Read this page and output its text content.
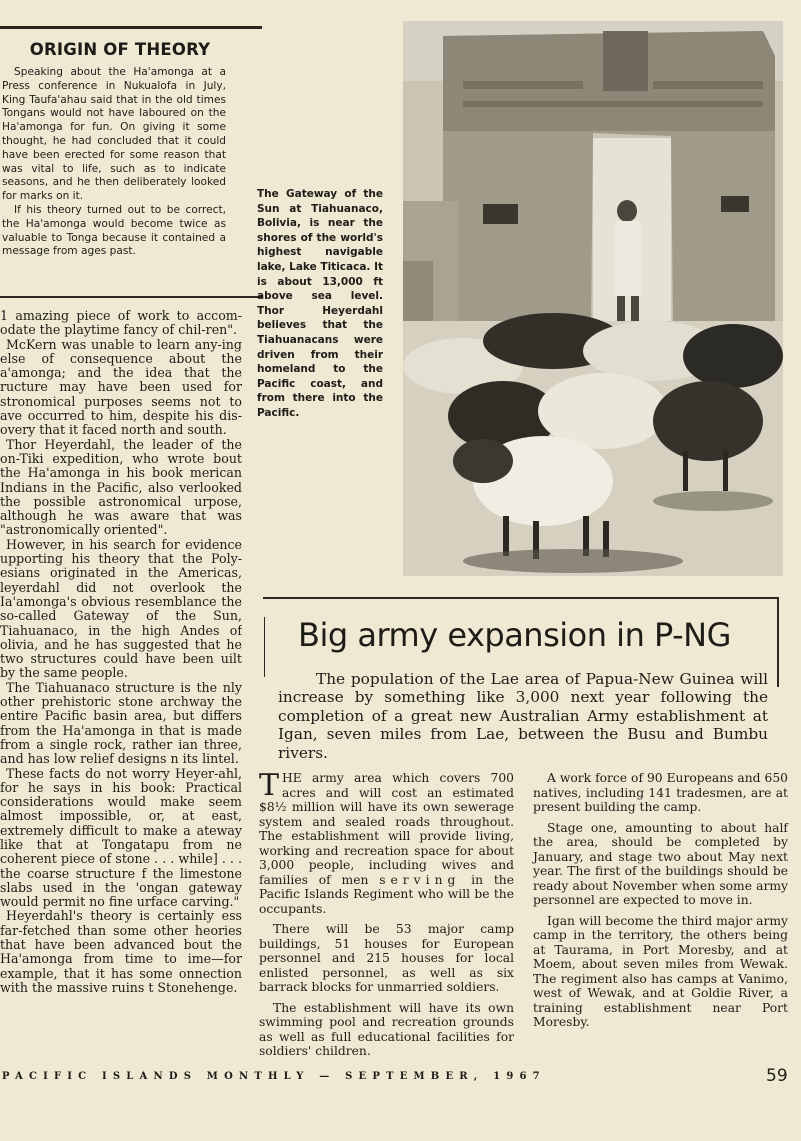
ORIGIN OF THEORY

Speaking about the Ha'amonga at a Press conference in Nukualofa in July, King Taufa'ahau said that in the old times Tongans would not have laboured on the Ha'amonga for fun. On giving it some thought, he had concluded that it could have been erected for some reason that was vital to life, such as to indicate seasons, and he then deliberately looked for marks on it.

If his theory turned out to be correct, the Ha'amonga would become twice as valuable to Tonga because it contained a message from ages past.

1 amazing piece of work to accom-odate the playtime fancy of chil-ren".

McKern was unable to learn any-ing else of consequence about the a'amonga; and the idea that the ructure may have been used for stronomical purposes seems not to ave occurred to him, despite his dis-overy that it faced north and south.

Thor Heyerdahl, the leader of the on-Tiki expedition, who wrote bout the Ha'amonga in his book merican Indians in the Pacific, also verlooked the possible astronomical urpose, although he was aware that was "astronomically oriented".

However, in his search for evidence upporting his theory that the Poly-esians originated in the Americas, leyerdahl did not overlook the Ia'amonga's obvious resemblance the so-called Gateway of the Sun, Tiahuanaco, in the high Andes of olivia, and he has suggested that he two structures could have been uilt by the same people.

The Tiahuanaco structure is the nly other prehistoric stone archway the entire Pacific basin area, but differs from the Ha'amonga in that is made from a single rock, rather ian three, and has low relief designs n its lintel.

These facts do not worry Heyer-ahl, for he says in his book: Practical considerations would make seem almost impossible, or, at east, extremely difficult to make a ateway like that at Tongatapu from ne coherent piece of stone . . . while] . . . the coarse structure f the limestone slabs used in the 'ongan gateway would permit no fine urface carving."

Heyerdahl's theory is certainly ess far-fetched than some other heories that have been advanced bout the Ha'amonga from time to ime—for example, that it has some onnection with the massive ruins t Stonehenge.

The Gateway of the Sun at Tiahuanaco, Bolivia, is near the shores of the world's highest navigable lake, Lake Titicaca. It is about 13,000 ft above sea level. Thor Heyerdahl believes that the Tiahuanacans were driven from their homeland to the Pacific coast, and from there into the Pacific.
Big army expansion in P-NG
The population of the Lae area of Papua-New Guinea will increase by something like 3,000 next year following the completion of a great new Australian Army establishment at Igan, seven miles from Lae, between the Busu and Bumbu rivers.

THE army area which covers 700 acres and will cost an estimated $8½ million will have its own sewerage system and sealed roads throughout. The establishment will provide living, working and recreation space for about 3,000 people, including wives and families of men serving in the Pacific Islands Regiment who will be the occupants.

There will be 53 major camp buildings, 51 houses for European personnel and 215 houses for local enlisted personnel, as well as six barrack blocks for unmarried soldiers.

The establishment will have its own swimming pool and recreation grounds as well as full educational facilities for soldiers' children.

A work force of 90 Europeans and 650 natives, including 141 tradesmen, are at present building the camp.

Stage one, amounting to about half the area, should be completed by January, and stage two about May next year. The first of the buildings should be ready about November when some army personnel are expected to move in.

Igan will become the third major army camp in the territory, the others being at Taurama, in Port Moresby, and at Moem, about seven miles from Wewak. The regiment also has camps at Vanimo, west of Wewak, and at Goldie River, a training establishment near Port Moresby.

PACIFIC ISLANDS MONTHLY — SEPTEMBER, 1967	59
